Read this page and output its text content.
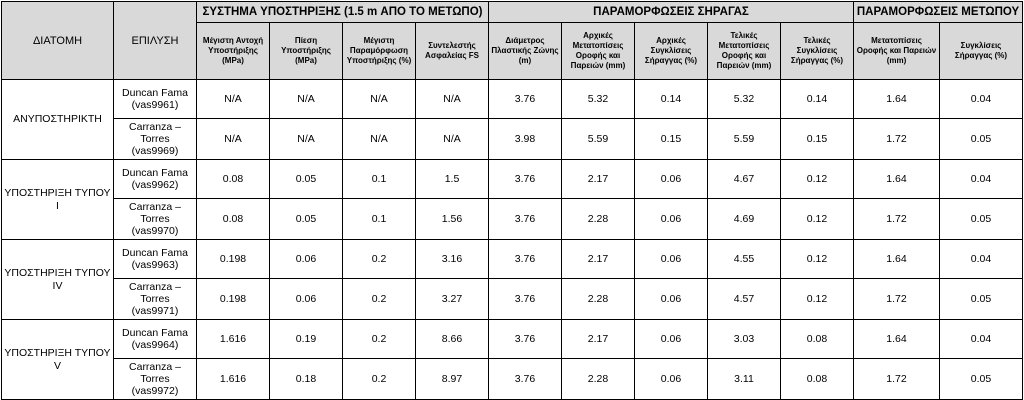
ΔΙΑΤΟΜΗ	ΕΠΙΛΥΣΗ	ΣΥΣΤΗΜΑ ΥΠΟΣΤΗΡΙΞΗΣ (1.5 m ΑΠΟ ΤΟ ΜΕΤΩΠΟ)				ΠΑΡΑΜΟΡΦΩΣΕΙΣ ΣΗΡΑΓΑΣ					ΠΑΡΑΜΟΡΦΩΣΕΙΣ ΜΕΤΩΠΟΥ	
		Μέγιστη Αντοχή Υποστήριξης (MPa)	Πίεση Υποστήριξης (MPa)	Μέγιστη Παραμόρφωση Υποστήριξης (%)	Συντελεστής Ασφαλείας FS	Διάμετρος Πλαστικής Ζώνης (m)	Αρχικές Μετατοπίσεις Οροφής και Παρειών (mm)	Αρχικές Συγκλίσεις Σήραγγας (%)	Τελικές Μετατοπίσεις Οροφής και Παρειών (mm)	Τελικές Συγκλίσεις Σήραγγας (%)	Μετατοπίσεις Οροφής και Παρειών (mm)	Συγκλίσεις Σήραγγας (%)
ΑΝΥΠΟΣΤΗΡΙΚΤΗ	Duncan Fama (vas9961)	N/A	N/A	N/A	N/A	3.76	5.32	0.14	5.32	0.14	1.64	0.04
	Carranza – Torres (vas9969)	N/A	N/A	N/A	N/A	3.98	5.59	0.15	5.59	0.15	1.72	0.05
ΥΠΟΣΤΗΡΙΞΗ ΤΥΠΟΥ I	Duncan Fama (vas9962)	0.08	0.05	0.1	1.5	3.76	2.17	0.06	4.67	0.12	1.64	0.04
	Carranza – Torres (vas9970)	0.08	0.05	0.1	1.56	3.76	2.28	0.06	4.69	0.12	1.72	0.05
ΥΠΟΣΤΗΡΙΞΗ ΤΥΠΟΥ IV	Duncan Fama (vas9963)	0.198	0.06	0.2	3.16	3.76	2.17	0.06	4.55	0.12	1.64	0.04
	Carranza – Torres (vas9971)	0.198	0.06	0.2	3.27	3.76	2.28	0.06	4.57	0.12	1.72	0.05
ΥΠΟΣΤΗΡΙΞΗ ΤΥΠΟΥ V	Duncan Fama (vas9964)	1.616	0.19	0.2	8.66	3.76	2.17	0.06	3.03	0.08	1.64	0.04
	Carranza – Torres (vas9972)	1.616	0.18	0.2	8.97	3.76	2.28	0.06	3.11	0.08	1.72	0.05
